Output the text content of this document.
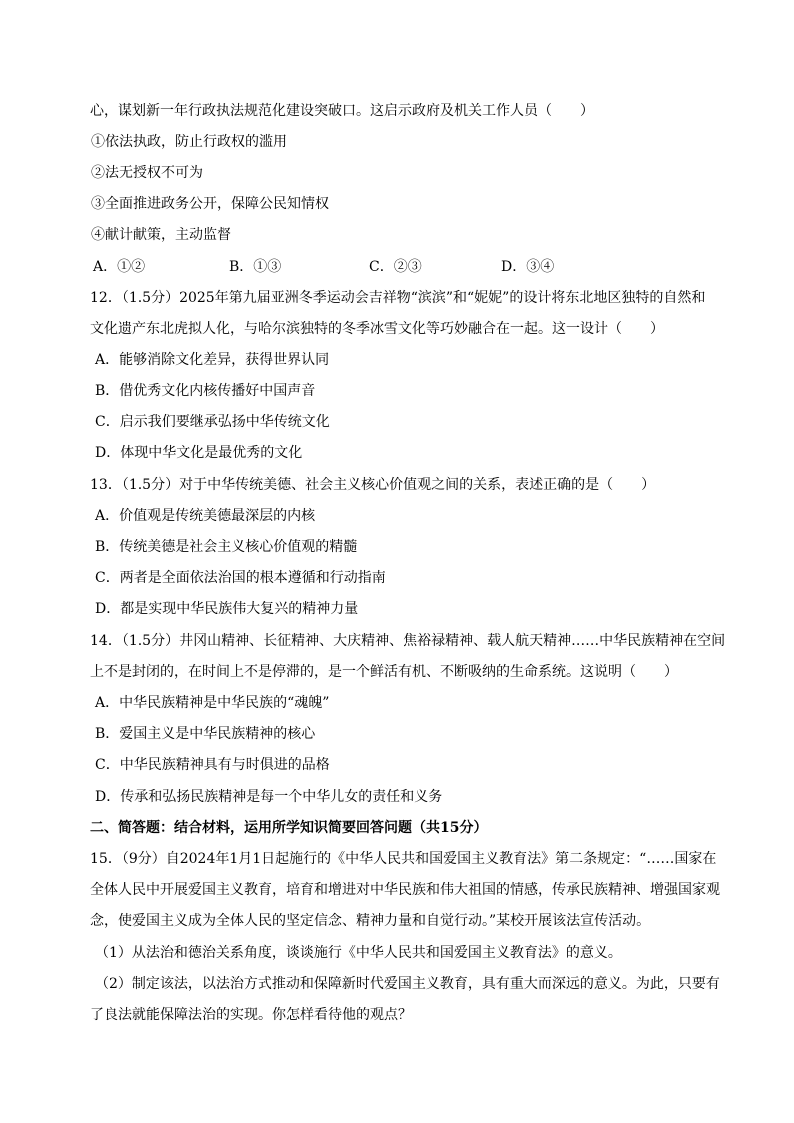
心，谋划新一年行政执法规范化建设突破口。这启示政府及机关工作人员（　　）
①依法执政，防止行政权的滥用
②法无授权不可为
③全面推进政务公开，保障公民知情权
④献计献策，主动监督
A．①②	B．①③	C．②③	D．③④
12．（1.5分）2025年第九届亚洲冬季运动会吉祥物“滨滨”和“妮妮”的设计将东北地区独特的自然和
文化遗产东北虎拟人化，与哈尔滨独特的冬季冰雪文化等巧妙融合在一起。这一设计（　　）
A．能够消除文化差异，获得世界认同
B．借优秀文化内核传播好中国声音
C．启示我们要继承弘扬中华传统文化
D．体现中华文化是最优秀的文化
13．（1.5分）对于中华传统美德、社会主义核心价值观之间的关系，表述正确的是（　　）
A．价值观是传统美德最深层的内核
B．传统美德是社会主义核心价值观的精髓
C．两者是全面依法治国的根本遵循和行动指南
D．都是实现中华民族伟大复兴的精神力量
14．（1.5分）井冈山精神、长征精神、大庆精神、焦裕禄精神、载人航天精神……中华民族精神在空间
上不是封闭的，在时间上不是停滞的，是一个鲜活有机、不断吸纳的生命系统。这说明（　　）
A．中华民族精神是中华民族的“魂魄”
B．爱国主义是中华民族精神的核心
C．中华民族精神具有与时俱进的品格
D．传承和弘扬民族精神是每一个中华儿女的责任和义务
二、简答题：结合材料，运用所学知识简要回答问题（共15分）
15．（9分）自2024年1月1日起施行的《中华人民共和国爱国主义教育法》第二条规定：“……国家在
全体人民中开展爱国主义教育，培育和增进对中华民族和伟大祖国的情感，传承民族精神、增强国家观
念，使爱国主义成为全体人民的坚定信念、精神力量和自觉行动。”某校开展该法宣传活动。
（1）从法治和德治关系角度，谈谈施行《中华人民共和国爱国主义教育法》的意义。
（2）制定该法，以法治方式推动和保障新时代爱国主义教育，具有重大而深远的意义。为此，只要有
了良法就能保障法治的实现。你怎样看待他的观点？
